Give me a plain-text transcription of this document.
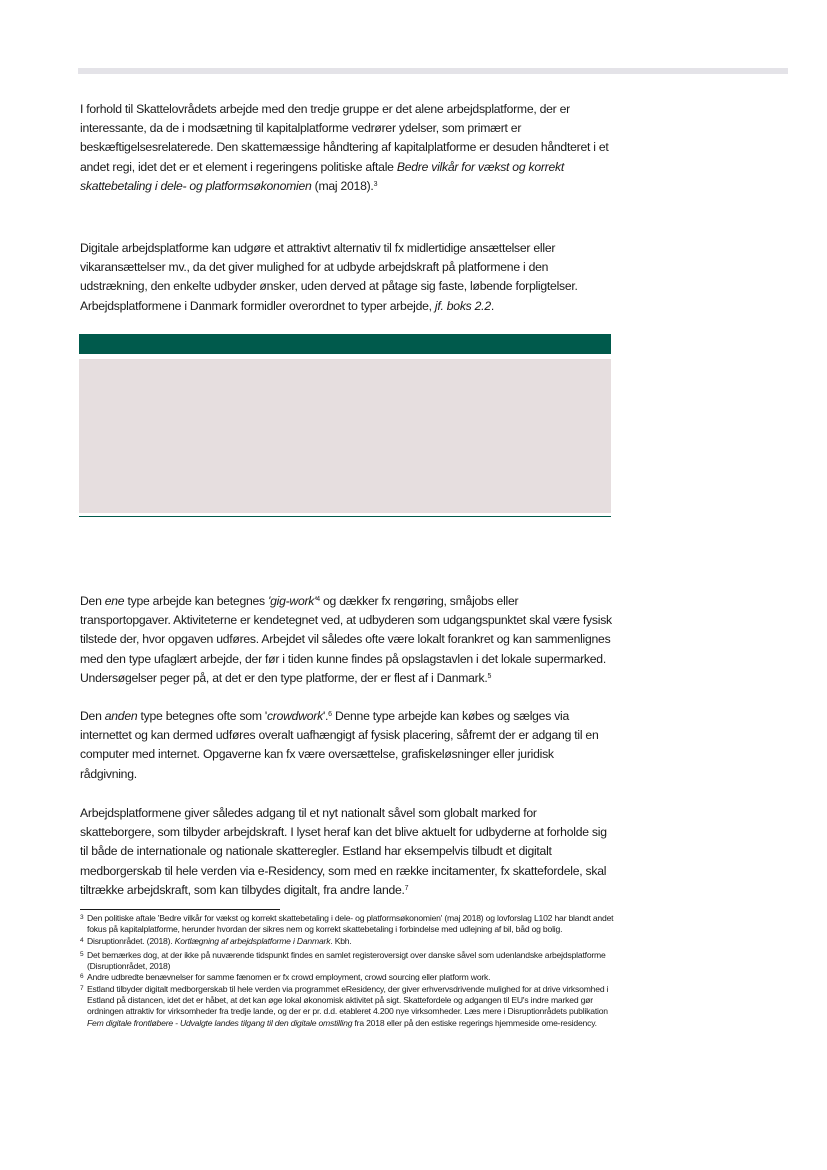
I forhold til Skattelovrådets arbejde med den tredje gruppe er det alene arbejdsplatforme, der er interessante, da de i modsætning til kapitalplatforme vedrører ydelser, som primært er beskæftigelsesrelaterede. Den skattemæssige håndtering af kapitalplatforme er desuden håndteret i et andet regi, idet det er et element i regeringens politiske aftale Bedre vilkår for vækst og korrekt skattebetaling i dele- og platformsøkonomien (maj 2018).$^3$

Digitale arbejdsplatforme kan udgøre et attraktivt alternativ til fx midlertidige ansættelser eller vikaransættelser mv., da det giver mulighed for at udbyde arbejdskraft på platformene i den udstrækning, den enkelte udbyder ønsker, uden derved at påtage sig faste, løbende forpligtelser. Arbejdsplatformene i Danmark formidler overordnet to typer arbejde, jf. boks 2.2.

Den ene type arbejde kan betegnes '$gig-work'^4$ og dækker fx rengøring, småjobs eller transportopgaver. Aktiviteterne er kendetegnet ved, at udbyderen som udgangspunktet skal være fysisk tilstede der, hvor opgaven udføres. Arbejdet vil således ofte være lokalt forankret og kan sammenlignes med den type ufaglært arbejde, der før i tiden kunne findes på opslagstavlen i det lokale supermarked. Undersøgelser peger på, at det er den type platforme, der er flest af i Danmark.$^5$

Den anden type betegnes ofte som 'crowdwork'.$^6$ Denne type arbejde kan købes og sælges via internettet og kan dermed udføres overalt uafhængigt af fysisk placering, såfremt der er adgang til en computer med internet. Opgaverne kan fx være oversættelse, grafiskeløsninger eller juridisk rådgivning.

Arbejdsplatformene giver således adgang til et nyt nationalt såvel som globalt marked for skatteborgere, som tilbyder arbejdskraft. I lyset heraf kan det blive aktuelt for udbyderne at forholde sig til både de internationale og nationale skatteregler. Estland har eksempelvis tilbudt et digitalt medborgerskab til hele verden via e-Residency, som med en række incitamenter, fx skattefordele, skal tiltrække arbejdskraft, som kan tilbydes digitalt, fra andre lande.$^7$

3 Den politiske aftale 'Bedre vilkår for vækst og korrekt skattebetaling i dele- og platformsøkonomien' (maj 2018) og lovforslag L102 har blandt andet fokus på kapitalplatforme, herunder hvordan der sikres nem og korrekt skattebetaling i forbindelse med udlejning af bil, båd og bolig.

4 Disruptionrådet. (2018). Kortlægning af arbejdsplatforme i Danmark. Kbh.

5 Det bemærkes dog, at der ikke på nuværende tidspunkt findes en samlet registeroversigt over danske såvel som udenlandske arbejdsplatforme (Disruptionrådet, 2018)

6 Andre udbredte benævnelser for samme fænomen er fx crowd employment, crowd sourcing eller platform work.

7 Estland tilbyder digitalt medborgerskab til hele verden via programmet eResidency, der giver erhvervsdrivende mulighed for at drive virksomhed i Estland på distancen, idet det er håbet, at det kan øge lokal økonomisk aktivitet på sigt. Skattefordele og adgangen til EU's indre marked gør ordningen attraktiv for virksomheder fra tredje lande, og der er pr. d.d. etableret 4.200 nye virksomheder. Læs mere i Disruptionrådets publikation Fem digitale frontløbere - Udvalgte landes tilgang til den digitale omstilling fra 2018 eller på den estiske regerings hjemmeside ome-residency.
